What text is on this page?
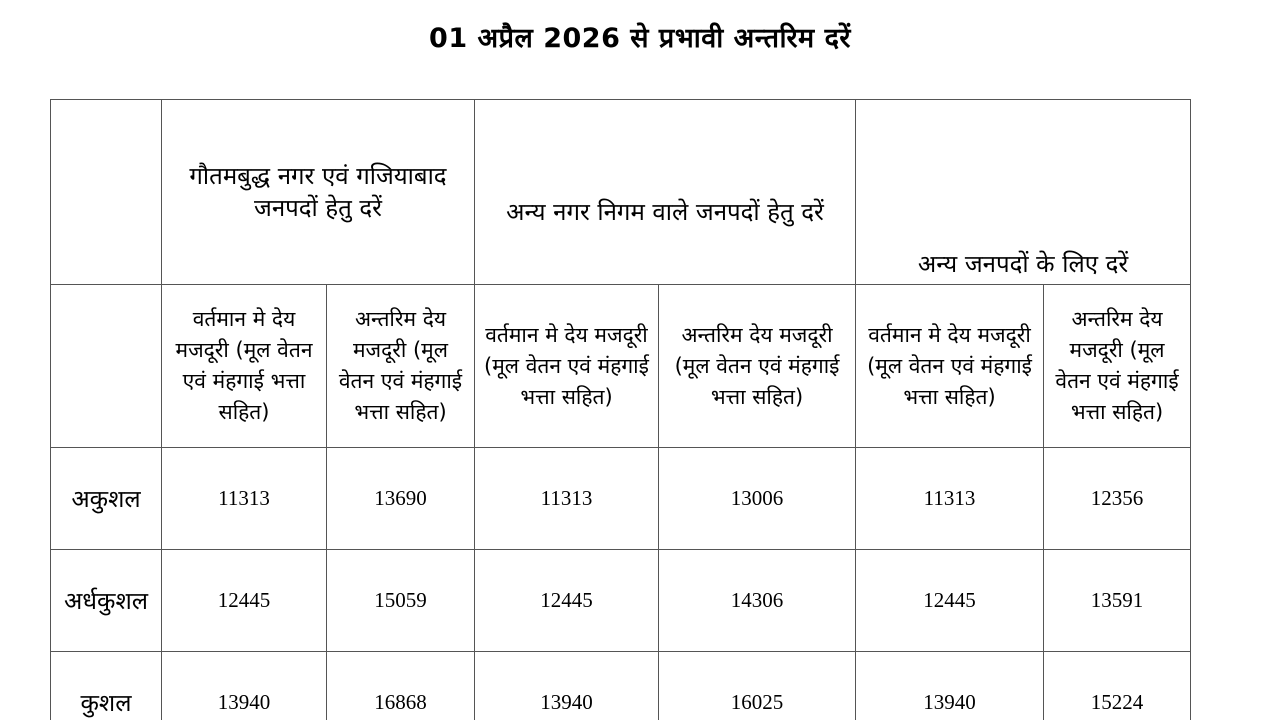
01 अप्रैल 2026 से प्रभावी अन्तरिम दरें
	गौतमबुद्ध नगर एवं गजियाबाद जनपदों हेतु दरें		अन्य नगर निगम वाले जनपदों हेतु दरें		अन्य जनपदों के लिए दरें	
	वर्तमान मे देय मजदूरी (मूल वेतन एवं मंहगाई भत्ता सहित)	अन्तरिम देय मजदूरी (मूल वेतन एवं मंहगाई भत्ता सहित)	वर्तमान मे देय मजदूरी (मूल वेतन एवं मंहगाई भत्ता सहित)	अन्तरिम देय मजदूरी (मूल वेतन एवं मंहगाई भत्ता सहित)	वर्तमान मे देय मजदूरी (मूल वेतन एवं मंहगाई भत्ता सहित)	अन्तरिम देय मजदूरी (मूल वेतन एवं मंहगाई भत्ता सहित)
अकुशल	11313	13690	11313	13006	11313	12356
अर्धकुशल	12445	15059	12445	14306	12445	13591
कुशल	13940	16868	13940	16025	13940	15224
